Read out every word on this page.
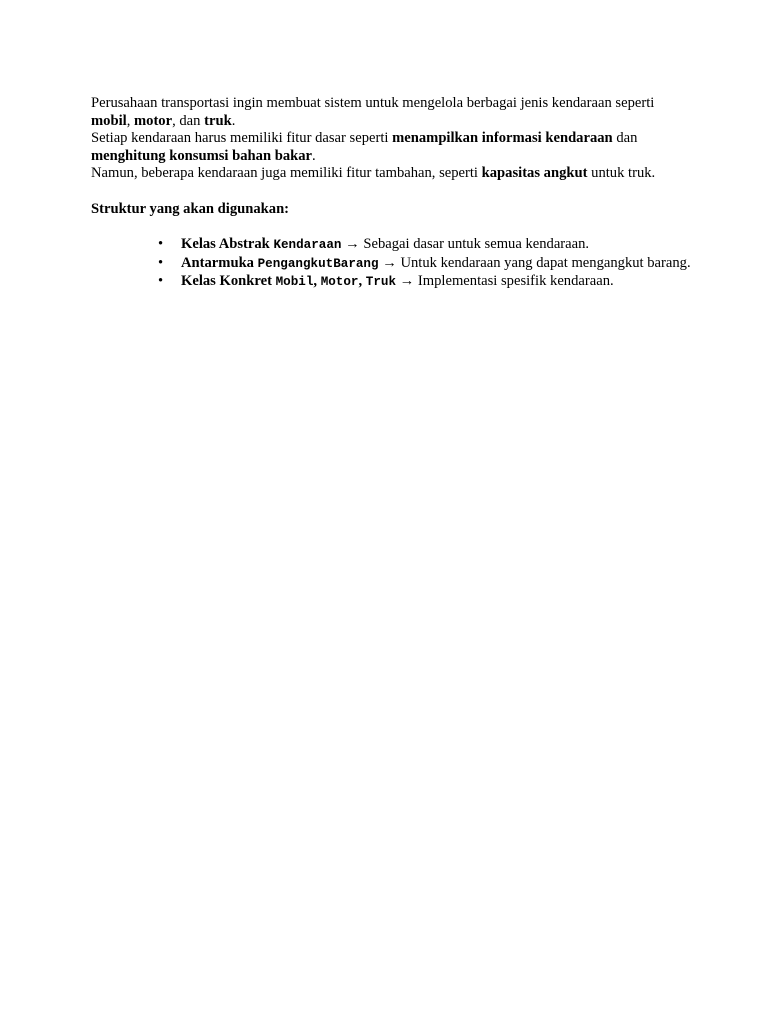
Perusahaan transportasi ingin membuat sistem untuk mengelola berbagai jenis kendaraan seperti mobil, motor, dan truk.

Setiap kendaraan harus memiliki fitur dasar seperti menampilkan informasi kendaraan dan menghitung konsumsi bahan bakar.

Namun, beberapa kendaraan juga memiliki fitur tambahan, seperti kapasitas angkut untuk truk.

Struktur yang akan digunakan:

• Kelas Abstrak Kendaraan → Sebagai dasar untuk semua kendaraan.
• Antarmuka PengangkutBarang → Untuk kendaraan yang dapat mengangkut barang.
• Kelas Konkret Mobil, Motor, Truk → Implementasi spesifik kendaraan.
